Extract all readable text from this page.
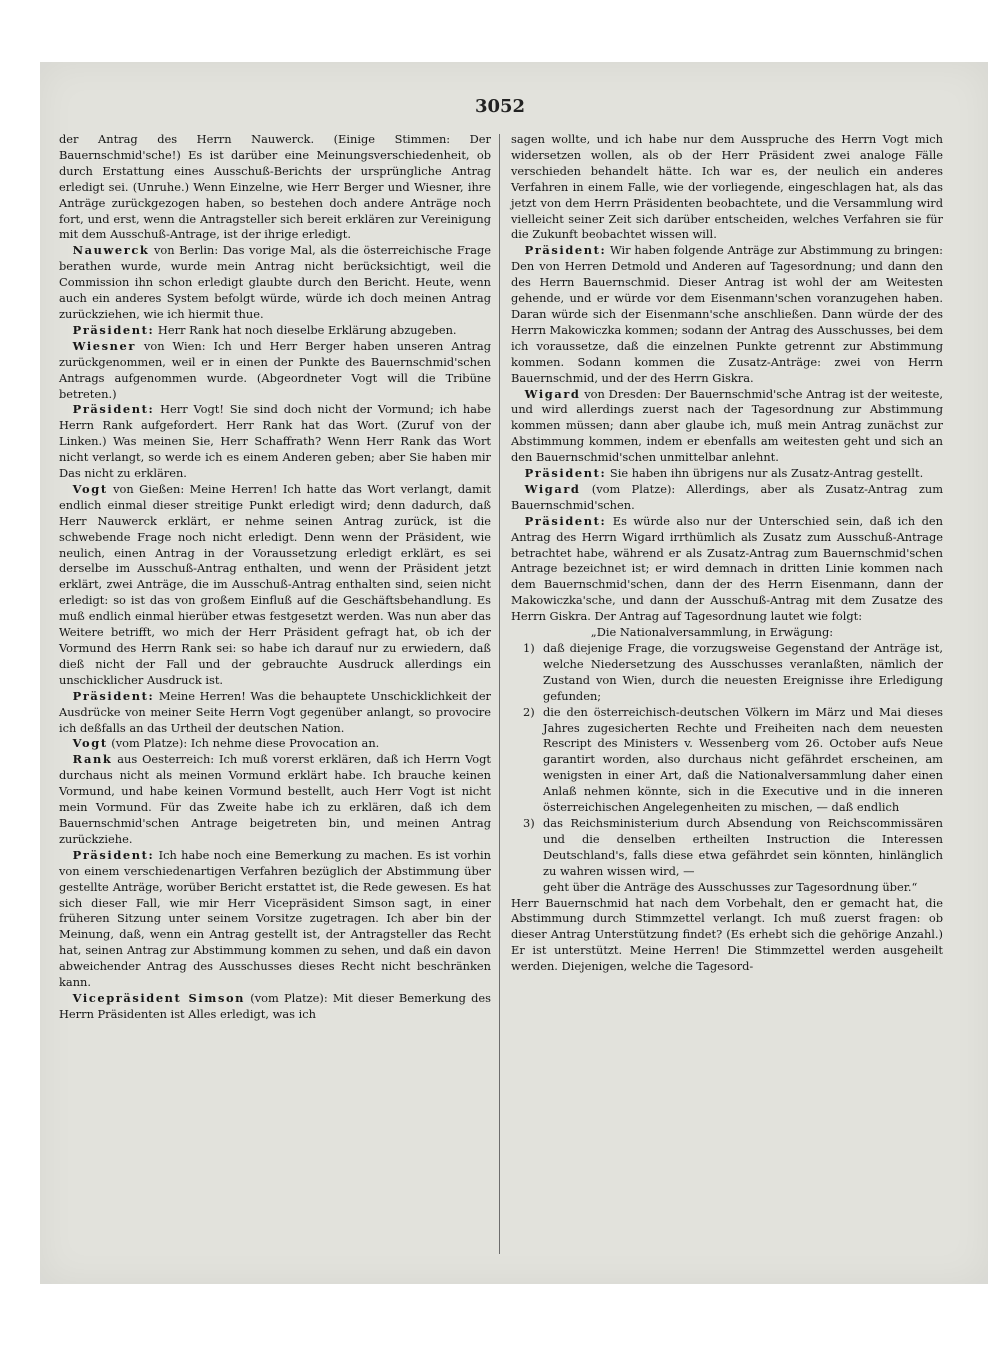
3052

der Antrag des Herrn Nauwerck. (Einige Stimmen: Der Bauernschmid'sche!) Es ist darüber eine Meinungsverschiedenheit, ob durch Erstattung eines Ausschuß-Berichts der ursprüngliche Antrag erledigt sei. (Unruhe.) Wenn Einzelne, wie Herr Berger und Wiesner, ihre Anträge zurückgezogen haben, so bestehen doch andere Anträge noch fort, und erst, wenn die Antragsteller sich bereit erklären zur Vereinigung mit dem Ausschuß-Antrage, ist der ihrige erledigt.

Nauwerck von Berlin: Das vorige Mal, als die österreichische Frage berathen wurde, wurde mein Antrag nicht berücksichtigt, weil die Commission ihn schon erledigt glaubte durch den Bericht. Heute, wenn auch ein anderes System befolgt würde, würde ich doch meinen Antrag zurückziehen, wie ich hiermit thue.

Präsident: Herr Rank hat noch dieselbe Erklärung abzugeben.

Wiesner von Wien: Ich und Herr Berger haben unseren Antrag zurückgenommen, weil er in einen der Punkte des Bauernschmid'schen Antrags aufgenommen wurde. (Abgeordneter Vogt will die Tribüne betreten.)

Präsident: Herr Vogt! Sie sind doch nicht der Vormund; ich habe Herrn Rank aufgefordert. Herr Rank hat das Wort. (Zuruf von der Linken.) Was meinen Sie, Herr Schaffrath? Wenn Herr Rank das Wort nicht verlangt, so werde ich es einem Anderen geben; aber Sie haben mir Das nicht zu erklären.

Vogt von Gießen: Meine Herren! Ich hatte das Wort verlangt, damit endlich einmal dieser streitige Punkt erledigt wird; denn dadurch, daß Herr Nauwerck erklärt, er nehme seinen Antrag zurück, ist die schwebende Frage noch nicht erledigt. Denn wenn der Präsident, wie neulich, einen Antrag in der Voraussetzung erledigt erklärt, es sei derselbe im Ausschuß-Antrag enthalten, und wenn der Präsident jetzt erklärt, zwei Anträge, die im Ausschuß-Antrag enthalten sind, seien nicht erledigt: so ist das von großem Einfluß auf die Geschäftsbehandlung. Es muß endlich einmal hierüber etwas festgesetzt werden. Was nun aber das Weitere betrifft, wo mich der Herr Präsident gefragt hat, ob ich der Vormund des Herrn Rank sei: so habe ich darauf nur zu erwiedern, daß dieß nicht der Fall und der gebrauchte Ausdruck allerdings ein unschicklicher Ausdruck ist.

Präsident: Meine Herren! Was die behauptete Unschicklichkeit der Ausdrücke von meiner Seite Herrn Vogt gegenüber anlangt, so provocire ich deßfalls an das Urtheil der deutschen Nation.

Vogt (vom Platze): Ich nehme diese Provocation an.

Rank aus Oesterreich: Ich muß vorerst erklären, daß ich Herrn Vogt durchaus nicht als meinen Vormund erklärt habe. Ich brauche keinen Vormund, und habe keinen Vormund bestellt, auch Herr Vogt ist nicht mein Vormund. Für das Zweite habe ich zu erklären, daß ich dem Bauernschmid'schen Antrage beigetreten bin, und meinen Antrag zurückziehe.

Präsident: Ich habe noch eine Bemerkung zu machen. Es ist vorhin von einem verschiedenartigen Verfahren bezüglich der Abstimmung über gestellte Anträge, worüber Bericht erstattet ist, die Rede gewesen. Es hat sich dieser Fall, wie mir Herr Vicepräsident Simson sagt, in einer früheren Sitzung unter seinem Vorsitze zugetragen. Ich aber bin der Meinung, daß, wenn ein Antrag gestellt ist, der Antragsteller das Recht hat, seinen Antrag zur Abstimmung kommen zu sehen, und daß ein davon abweichender Antrag des Ausschusses dieses Recht nicht beschränken kann.

Vicepräsident Simson (vom Platze): Mit dieser Bemerkung des Herrn Präsidenten ist Alles erledigt, was ich

sagen wollte, und ich habe nur dem Ausspruche des Herrn Vogt mich widersetzen wollen, als ob der Herr Präsident zwei analoge Fälle verschieden behandelt hätte. Ich war es, der neulich ein anderes Verfahren in einem Falle, wie der vorliegende, eingeschlagen hat, als das jetzt von dem Herrn Präsidenten beobachtete, und die Versammlung wird vielleicht seiner Zeit sich darüber entscheiden, welches Verfahren sie für die Zukunft beobachtet wissen will.

Präsident: Wir haben folgende Anträge zur Abstimmung zu bringen: Den von Herren Detmold und Anderen auf Tagesordnung; und dann den des Herrn Bauernschmid. Dieser Antrag ist wohl der am Weitesten gehende, und er würde vor dem Eisenmann'schen voranzugehen haben. Daran würde sich der Eisenmann'sche anschließen. Dann würde der des Herrn Makowiczka kommen; sodann der Antrag des Ausschusses, bei dem ich voraussetze, daß die einzelnen Punkte getrennt zur Abstimmung kommen. Sodann kommen die Zusatz-Anträge: zwei von Herrn Bauernschmid, und der des Herrn Giskra.

Wigard von Dresden: Der Bauernschmid'sche Antrag ist der weiteste, und wird allerdings zuerst nach der Tagesordnung zur Abstimmung kommen müssen; dann aber glaube ich, muß mein Antrag zunächst zur Abstimmung kommen, indem er ebenfalls am weitesten geht und sich an den Bauernschmid'schen unmittelbar anlehnt.

Präsident: Sie haben ihn übrigens nur als Zusatz-Antrag gestellt.

Wigard (vom Platze): Allerdings, aber als Zusatz-Antrag zum Bauernschmid'schen.

Präsident: Es würde also nur der Unterschied sein, daß ich den Antrag des Herrn Wigard irrthümlich als Zusatz zum Ausschuß-Antrage betrachtet habe, während er als Zusatz-Antrag zum Bauernschmid'schen Antrage bezeichnet ist; er wird demnach in dritten Linie kommen nach dem Bauernschmid'schen, dann der des Herrn Eisenmann, dann der Makowiczka'sche, und dann der Ausschuß-Antrag mit dem Zusatze des Herrn Giskra. Der Antrag auf Tagesordnung lautet wie folgt:

„Die Nationalversammlung, in Erwägung:

1) daß diejenige Frage, die vorzugsweise Gegenstand der Anträge ist, welche Niedersetzung des Ausschusses veranlaßten, nämlich der Zustand von Wien, durch die neuesten Ereignisse ihre Erledigung gefunden;

2) die den österreichisch-deutschen Völkern im März und Mai dieses Jahres zugesicherten Rechte und Freiheiten nach dem neuesten Rescript des Ministers v. Wessenberg vom 26. October aufs Neue garantirt worden, also durchaus nicht gefährdet erscheinen, am wenigsten in einer Art, daß die Nationalversammlung daher einen Anlaß nehmen könnte, sich in die Executive und in die inneren österreichischen Angelegenheiten zu mischen, — daß endlich

3) das Reichsministerium durch Absendung von Reichscommissären und die denselben ertheilten Instruction die Interessen Deutschland's, falls diese etwa gefährdet sein könnten, hinlänglich zu wahren wissen wird, —

geht über die Anträge des Ausschusses zur Tagesordnung über.“

Herr Bauernschmid hat nach dem Vorbehalt, den er gemacht hat, die Abstimmung durch Stimmzettel verlangt. Ich muß zuerst fragen: ob dieser Antrag Unterstützung findet? (Es erhebt sich die gehörige Anzahl.) Er ist unterstützt. Meine Herren! Die Stimmzettel werden ausgeheilt werden. Diejenigen, welche die Tagesord-
